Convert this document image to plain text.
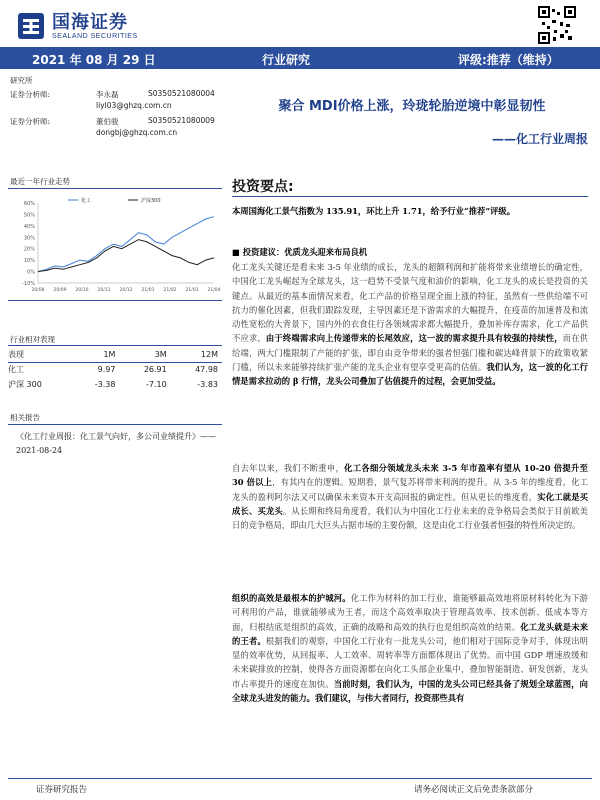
国海证券
SEALAND SECURITIES
2021 年 08 月 29 日	行业研究	评级:推荐（维持）
研究所
证券分析师:	李永磊	S0350521080004
liyl03@ghzq.com.cn
证券分析师:	董伯骏	S0350521080009
dongbj@ghzq.com.cn
最近一年行业走势
-10%
0%
10%
20%
30%
40%
50%
60%
20/08 20/09 20/10 20/11 20/12 21/01 21/02 21/03 21/04
化工	沪深300
行业相对表现
表现	1M	3M	12M
化工	9.97	26.91	47.98
沪深 300	-3.38	-7.10	-3.83
相关报告
《化工行业周报：化工景气向好，多公司业绩提升》——2021-08-24
聚合 MDI价格上涨，玲珑轮胎逆境中彰显韧性
——化工行业周报
投资要点:
本周国海化工景气指数为 135.91，环比上升 1.71，给予行业“推荐”评级。
■ 投资建议：优质龙头迎来布局良机
化工龙头关键还是看未来 3-5 年业绩的成长，龙头的超额利润和扩能将带来业绩增长的确定性，中国化工龙头崛起为全球龙头，这一趋势不受景气度和油价的影响，化工龙头的成长是投资的关键点。从最近的基本面情况来看，化工产品的价格呈现全面上涨的特征，虽然有一些供给端不可抗力的催化因素，但我们跟踪发现，主导因素还是下游需求的大幅提升，在疫苗的加速普及和流动性宽松的大背景下，国内外的衣食住行各领域需求都大幅提升，叠加补库存需求，化工产品供不应求，由于终端需求向上传递带来的长尾效应，这一波的需求提升具有较强的持续性，而在供给端，两大门槛限制了产能的扩张，即自由竞争带来的强者恒强门槛和碳达峰背景下的政策收紧门槛，所以未来能够持续扩张产能的龙头企业有望享受更高的估值。我们认为，这一波的化工行情是需求拉动的 β 行情，龙头公司叠加了估值提升的过程，会更加受益。
自去年以来，我们不断重申，化工各细分领域龙头未来 3-5 年市盈率有望从 10-20 倍提升至 30 倍以上，有其内在的逻辑。短期看，景气复苏将带来利润的提升。从 3-5 年的维度看，化工龙头的盈利阿尔法又可以确保未来资本开支高回报的确定性。但从更长的维度看，实化工就是买成长、买龙头。从长期和终局角度看，我们认为中国化工行业未来的竞争格局会类似于目前欧美日的竞争格局，即由几大巨头占据市场的主要份额，这是由化工行业强者恒强的特性所决定的。
组织的高效是最根本的护城河。化工作为材料的加工行业，谁能够最高效地将原材料转化为下游可利用的产品，谁就能够成为王者，而这个高效率取决于管理高效率、技术创新、低成本等方面，归根结底是组织的高效，正确的战略和高效的执行也是组织高效的结果。化工龙头就是未来的王者。根据我们的观察，中国化工行业有一批龙头公司，他们相对于国际竞争对手，体现出明显的效率优势，从回报率、人工效率、周转率等方面都体现出了优势。而中国 GDP 增速放缓和未来碳排放的控制，使得各方面资源都在向化工头部企业集中，叠加智能制造、研发创新，龙头市占率提升的速度在加快。当前时刻，我们认为，中国的龙头公司已经具备了规划全球蓝图，向全球龙头进发的能力。我们建议，与伟大者同行，投资那些具有
证券研究报告	请务必阅读正文后免责条款部分
